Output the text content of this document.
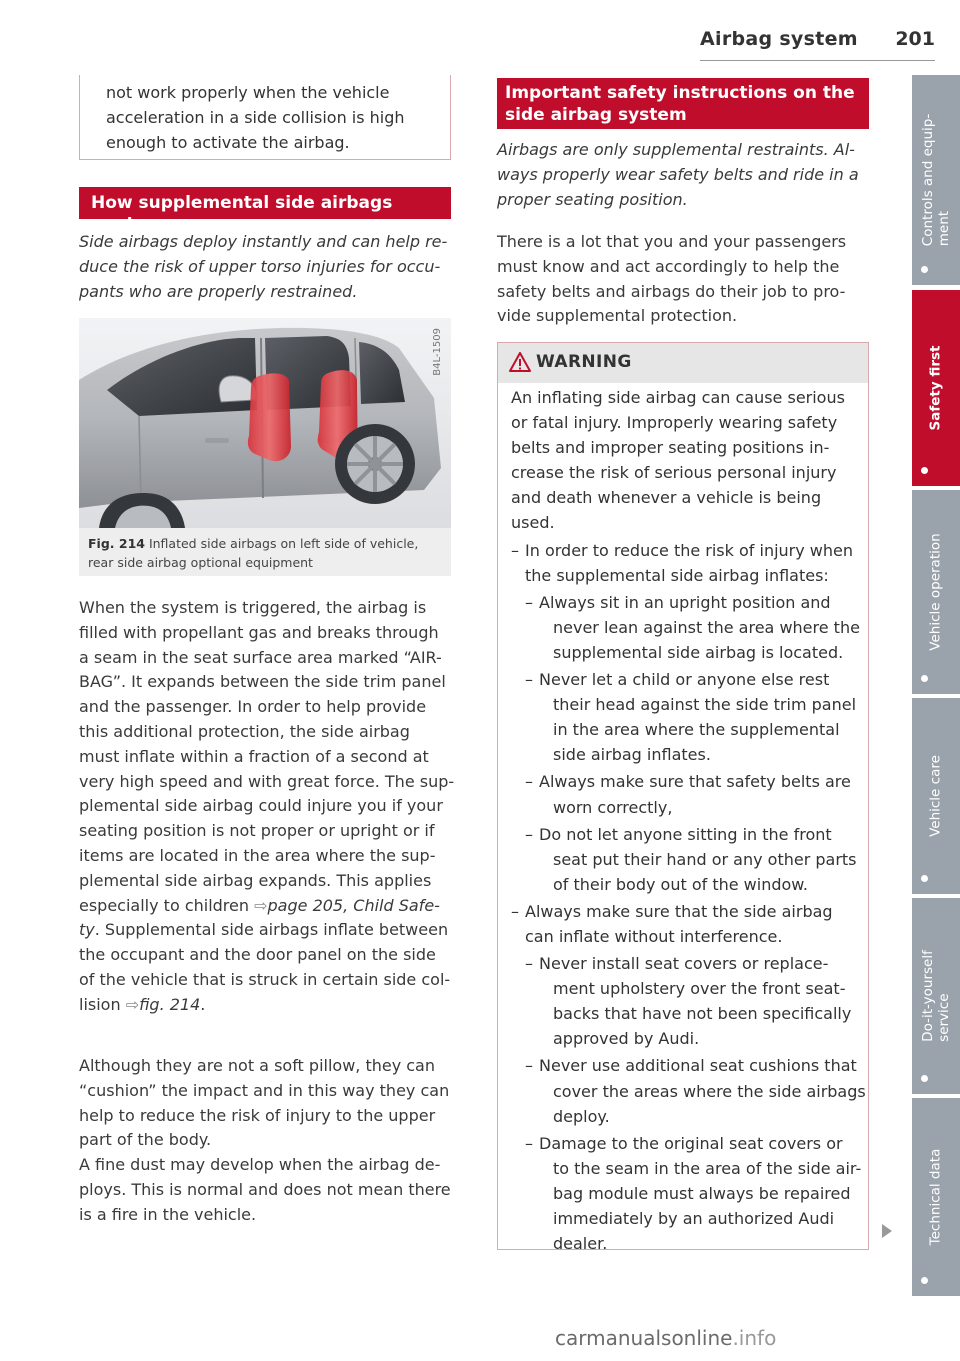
Airbag system 201
not work properly when the vehicle
acceleration in a side collision is high
enough to activate the airbag.
How supplemental side airbags work
Side airbags deploy instantly and can help re-
duce the risk of upper torso injuries for occu-
pants who are properly restrained.
B4L-1509
Fig. 214 Inflated side airbags on left side of vehicle,
rear side airbag optional equipment
When the system is triggered, the airbag is
filled with propellant gas and breaks through
a seam in the seat surface area marked “AIR-
BAG”. It expands between the side trim panel
and the passenger. In order to help provide
this additional protection, the side airbag
must inflate within a fraction of a second at
very high speed and with great force. The sup-
plemental side airbag could injure you if your
seating position is not proper or upright or if
items are located in the area where the sup-
plemental side airbag expands. This applies
especially to children ⇨page 205, Child Safe-
ty. Supplemental side airbags inflate between
the occupant and the door panel on the side
of the vehicle that is struck in certain side col-
lision ⇨fig. 214.
Although they are not a soft pillow, they can
“cushion” the impact and in this way they can
help to reduce the risk of injury to the upper
part of the body.
A fine dust may develop when the airbag de-
ploys. This is normal and does not mean there
is a fire in the vehicle.
Important safety instructions on the
side airbag system
Airbags are only supplemental restraints. Al-
ways properly wear safety belts and ride in a
proper seating position.
There is a lot that you and your passengers
must know and act accordingly to help the
safety belts and airbags do their job to pro-
vide supplemental protection.
WARNING
An inflating side airbag can cause serious
or fatal injury. Improperly wearing safety
belts and improper seating positions in-
crease the risk of serious personal injury
and death whenever a vehicle is being
used.
– In order to reduce the risk of injury when
the supplemental side airbag inflates:
– Always sit in an upright position and
never lean against the area where the
supplemental side airbag is located.
– Never let a child or anyone else rest
their head against the side trim panel
in the area where the supplemental
side airbag inflates.
– Always make sure that safety belts are
worn correctly,
– Do not let anyone sitting in the front
seat put their hand or any other parts
of their body out of the window.
– Always make sure that the side airbag
can inflate without interference.
– Never install seat covers or replace-
ment upholstery over the front seat-
backs that have not been specifically
approved by Audi.
– Never use additional seat cushions that
cover the areas where the side airbags
deploy.
– Damage to the original seat covers or
to the seam in the area of the side air-
bag module must always be repaired
immediately by an authorized Audi
dealer.
Controls and equip- ment
Safety first
Vehicle operation
Vehicle care
Do-it-yourself service
Technical data
carmanualsonline.info
